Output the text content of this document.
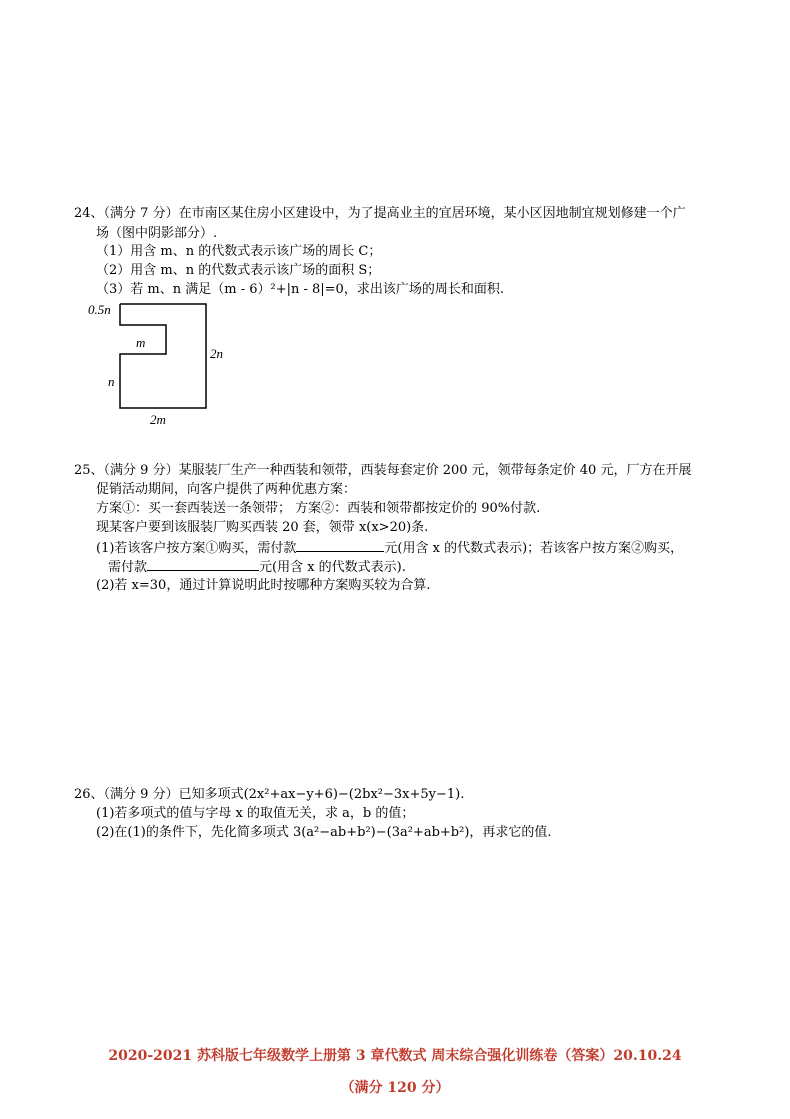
24、（满分 7 分）在市南区某住房小区建设中，为了提高业主的宜居环境，某小区因地制宜规划修建一个广
场（图中阴影部分）.
（1）用含 m、n 的代数式表示该广场的周长 C；
（2）用含 m、n 的代数式表示该广场的面积 S；
（3）若 m、n 满足（m - 6）²+|n - 8|=0，求出该广场的周长和面积.
0.5n
m
2n
n
2m
25、（满分 9 分）某服装厂生产一种西装和领带，西装每套定价 200 元，领带每条定价 40 元，厂方在开展
促销活动期间，向客户提供了两种优惠方案：
方案①：买一套西装送一条领带； 方案②：西装和领带都按定价的 90%付款.
现某客户要到该服装厂购买西装 20 套，领带 x(x>20)条.
(1)若该客户按方案①购买，需付款	元(用含 x 的代数式表示)；若该客户按方案②购买，
需付款	元(用含 x 的代数式表示).
(2)若 x=30，通过计算说明此时按哪种方案购买较为合算.
26、（满分 9 分）已知多项式(2x²+ax−y+6)−(2bx²−3x+5y−1).
(1)若多项式的值与字母 x 的取值无关，求 a，b 的值；
(2)在(1)的条件下，先化简多项式 3(a²−ab+b²)−(3a²+ab+b²)，再求它的值.
2020-2021 苏科版七年级数学上册第 3 章代数式 周末综合强化训练卷（答案）20.10.24
（满分 120 分）
